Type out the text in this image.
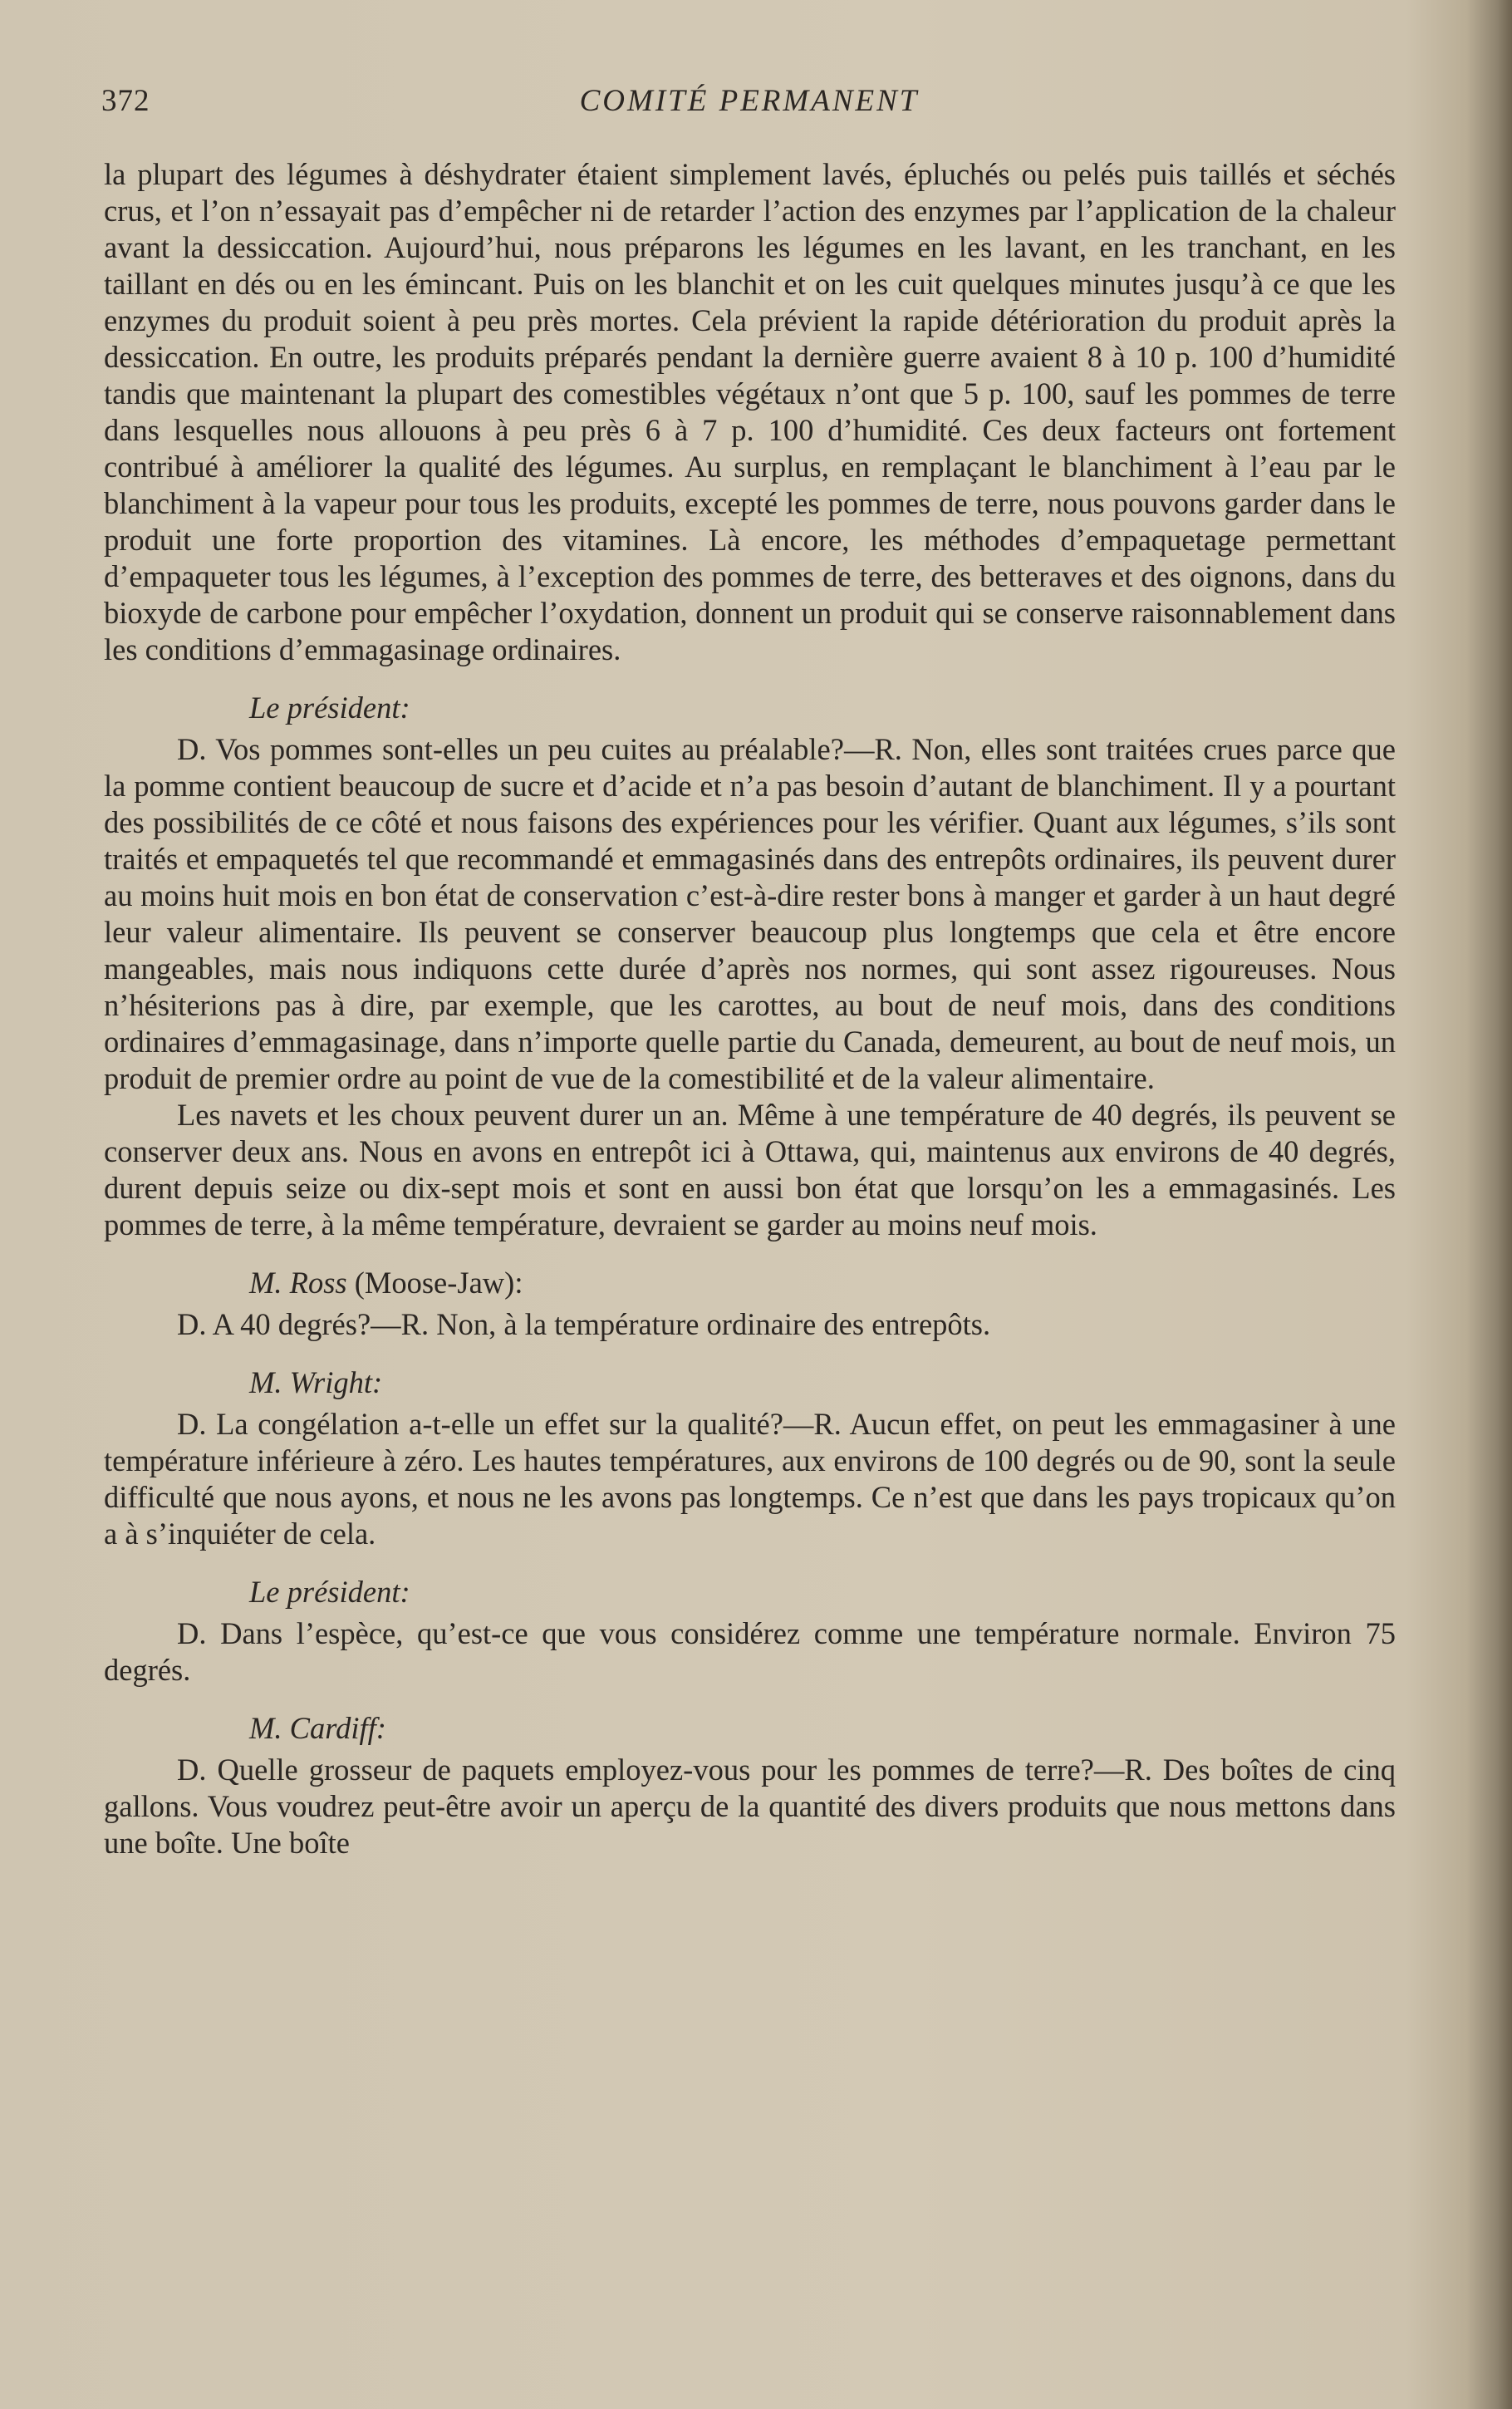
372	COMITÉ PERMANENT

la plupart des légumes à déshydrater étaient simplement lavés, épluchés ou pelés puis taillés et séchés crus, et l’on n’essayait pas d’empêcher ni de retarder l’action des enzymes par l’application de la chaleur avant la dessiccation. Aujourd’hui, nous préparons les légumes en les lavant, en les tranchant, en les taillant en dés ou en les émincant. Puis on les blanchit et on les cuit quelques minutes jusqu’à ce que les enzymes du produit soient à peu près mortes. Cela prévient la rapide détérioration du produit après la dessiccation. En outre, les produits préparés pendant la dernière guerre avaient 8 à 10 p. 100 d’humidité tandis que maintenant la plupart des comestibles végétaux n’ont que 5 p. 100, sauf les pommes de terre dans lesquelles nous allouons à peu près 6 à 7 p. 100 d’humidité. Ces deux facteurs ont fortement contribué à améliorer la qualité des légumes. Au surplus, en remplaçant le blanchiment à l’eau par le blanchiment à la vapeur pour tous les produits, excepté les pommes de terre, nous pouvons garder dans le produit une forte proportion des vitamines. Là encore, les méthodes d’empaquetage permettant d’empaqueter tous les légumes, à l’exception des pommes de terre, des betteraves et des oignons, dans du bioxyde de carbone pour empêcher l’oxydation, donnent un produit qui se conserve raisonnablement dans les conditions d’emmagasinage ordinaires.

Le président:

D. Vos pommes sont-elles un peu cuites au préalable?—R. Non, elles sont traitées crues parce que la pomme contient beaucoup de sucre et d’acide et n’a pas besoin d’autant de blanchiment. Il y a pourtant des possibilités de ce côté et nous faisons des expériences pour les vérifier. Quant aux légumes, s’ils sont traités et empaquetés tel que recommandé et emmagasinés dans des entrepôts ordinaires, ils peuvent durer au moins huit mois en bon état de conservation c’est-à-dire rester bons à manger et garder à un haut degré leur valeur alimentaire. Ils peuvent se conserver beaucoup plus longtemps que cela et être encore mangeables, mais nous indiquons cette durée d’après nos normes, qui sont assez rigoureuses. Nous n’hésiterions pas à dire, par exemple, que les carottes, au bout de neuf mois, dans des conditions ordinaires d’emmagasinage, dans n’importe quelle partie du Canada, demeurent, au bout de neuf mois, un produit de premier ordre au point de vue de la comestibilité et de la valeur alimentaire.

Les navets et les choux peuvent durer un an. Même à une température de 40 degrés, ils peuvent se conserver deux ans. Nous en avons en entrepôt ici à Ottawa, qui, maintenus aux environs de 40 degrés, durent depuis seize ou dix-sept mois et sont en aussi bon état que lorsqu’on les a emmagasinés. Les pommes de terre, à la même température, devraient se garder au moins neuf mois.

M. Ross (Moose-Jaw):

D. A 40 degrés?—R. Non, à la température ordinaire des entrepôts.

M. Wright:

D. La congélation a-t-elle un effet sur la qualité?—R. Aucun effet, on peut les emmagasiner à une température inférieure à zéro. Les hautes températures, aux environs de 100 degrés ou de 90, sont la seule difficulté que nous ayons, et nous ne les avons pas longtemps. Ce n’est que dans les pays tropicaux qu’on a à s’inquiéter de cela.

Le président:

D. Dans l’espèce, qu’est-ce que vous considérez comme une température normale. Environ 75 degrés.

M. Cardiff:

D. Quelle grosseur de paquets employez-vous pour les pommes de terre?—R. Des boîtes de cinq gallons. Vous voudrez peut-être avoir un aperçu de la quantité des divers produits que nous mettons dans une boîte. Une boîte
